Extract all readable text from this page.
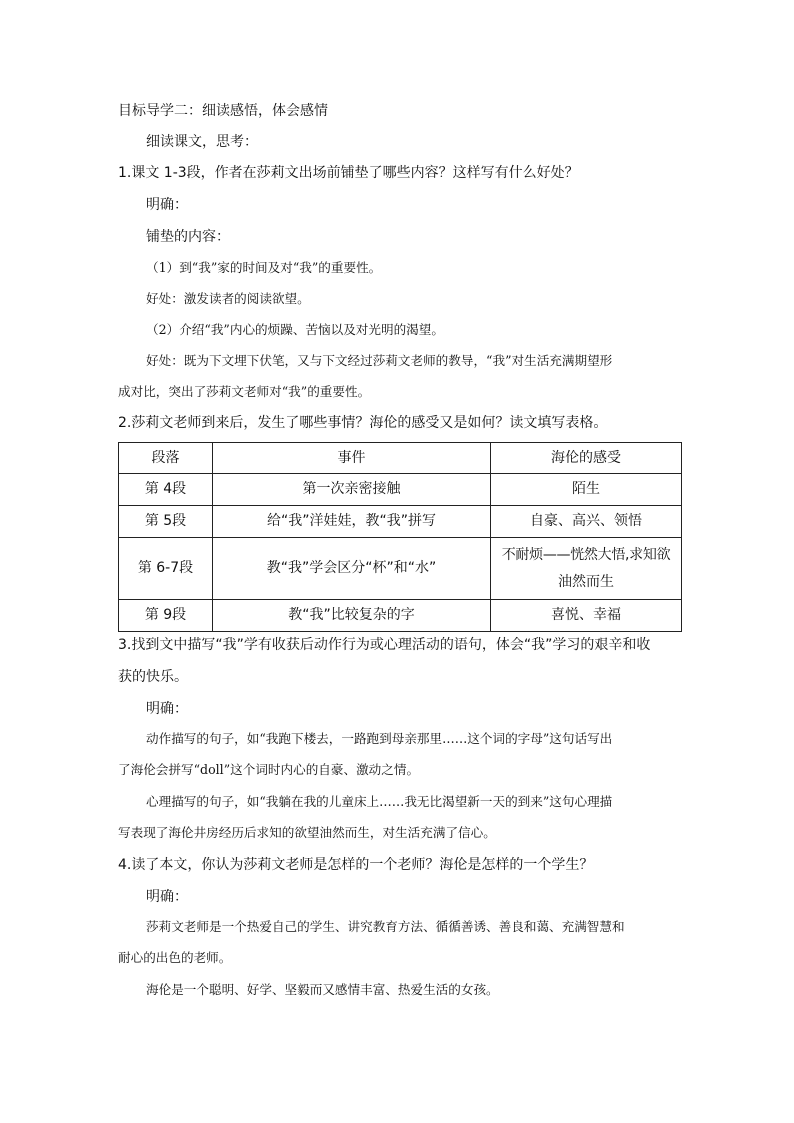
目标导学二：细读感悟，体会感情
细读课文，思考：
1.课文 1-3段，作者在莎莉文出场前铺垫了哪些内容？这样写有什么好处？
明确：
铺垫的内容：
（1）到“我”家的时间及对“我”的重要性。
好处：激发读者的阅读欲望。
（2）介绍“我”内心的烦躁、苦恼以及对光明的渴望。
好处：既为下文埋下伏笔，又与下文经过莎莉文老师的教导，“我”对生活充满期望形
成对比，突出了莎莉文老师对“我”的重要性。
2.莎莉文老师到来后，发生了哪些事情？海伦的感受又是如何？读文填写表格。
段落	事件	海伦的感受
第 4段	第一次亲密接触	陌生
第 5段	给“我”洋娃娃，教“我”拼写	自豪、高兴、领悟
第 6-7段	教“我”学会区分“杯”和“水”	不耐烦——恍然大悟,求知欲
油然而生

第 9段	教“我”比较复杂的字	喜悦、幸福
3.找到文中描写“我”学有收获后动作行为或心理活动的语句，体会“我”学习的艰辛和收
获的快乐。
明确：
动作描写的句子，如“我跑下楼去，一路跑到母亲那里……这个词的字母”这句话写出
了海伦会拼写“doll”这个词时内心的自豪、激动之情。
心理描写的句子，如“我躺在我的儿童床上……我无比渴望新一天的到来”这句心理描
写表现了海伦井房经历后求知的欲望油然而生，对生活充满了信心。
4.读了本文，你认为莎莉文老师是怎样的一个老师？海伦是怎样的一个学生？
明确：
莎莉文老师是一个热爱自己的学生、讲究教育方法、循循善诱、善良和蔼、充满智慧和
耐心的出色的老师。
海伦是一个聪明、好学、坚毅而又感情丰富、热爱生活的女孩。
